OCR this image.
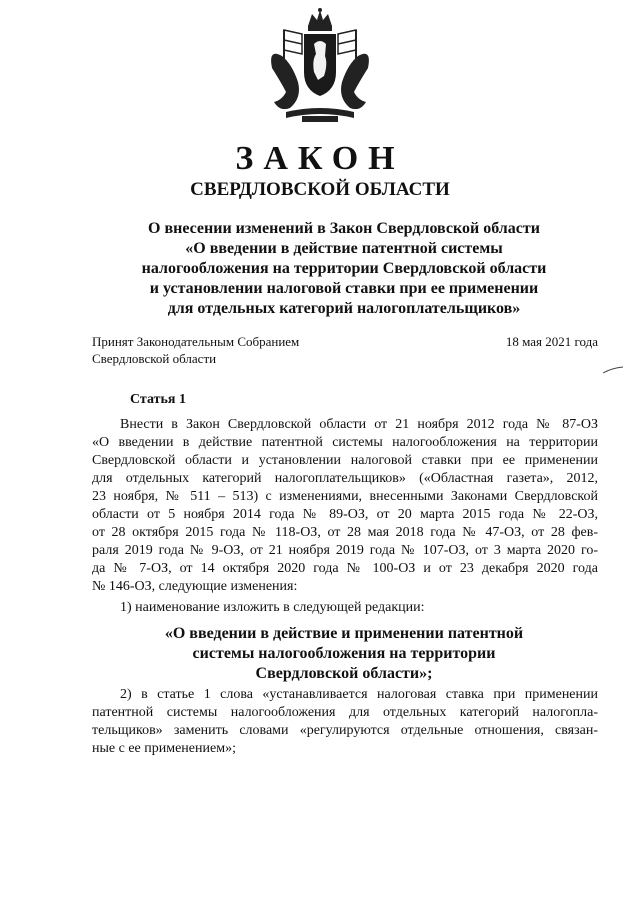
ЗАКОН
СВЕРДЛОВСКОЙ ОБЛАСТИ
О внесении изменений в Закон Свердловской области
«О введении в действие патентной системы
налогообложения на территории Свердловской области
и установлении налоговой ставки при ее применении
для отдельных категорий налогоплательщиков»
Принят Законодательным Собранием
Свердловской области
18 мая 2021 года
Статья 1
Внести в Закон Свердловской области от 21 ноября 2012 года № 87-ОЗ
«О введении в действие патентной системы налогообложения на территории
Свердловской области и установлении налоговой ставки при ее применении
для отдельных категорий налогоплательщиков» («Областная газета», 2012,
23 ноября, № 511 – 513) с изменениями, внесенными Законами Свердловской
области от 5 ноября 2014 года № 89-ОЗ, от 20 марта 2015 года № 22-ОЗ,
от 28 октября 2015 года № 118-ОЗ, от 28 мая 2018 года № 47-ОЗ, от 28 фев-
раля 2019 года № 9-ОЗ, от 21 ноября 2019 года № 107-ОЗ, от 3 марта 2020 го-
да № 7-ОЗ, от 14 октября 2020 года № 100-ОЗ и от 23 декабря 2020 года
№ 146-ОЗ, следующие изменения:
1) наименование изложить в следующей редакции:
«О введении в действие и применении патентной
системы налогообложения на территории
Свердловской области»;
2) в статье 1 слова «устанавливается налоговая ставка при применении
патентной системы налогообложения для отдельных категорий налогопла-
тельщиков» заменить словами «регулируются отдельные отношения, связан-
ные с ее применением»;
